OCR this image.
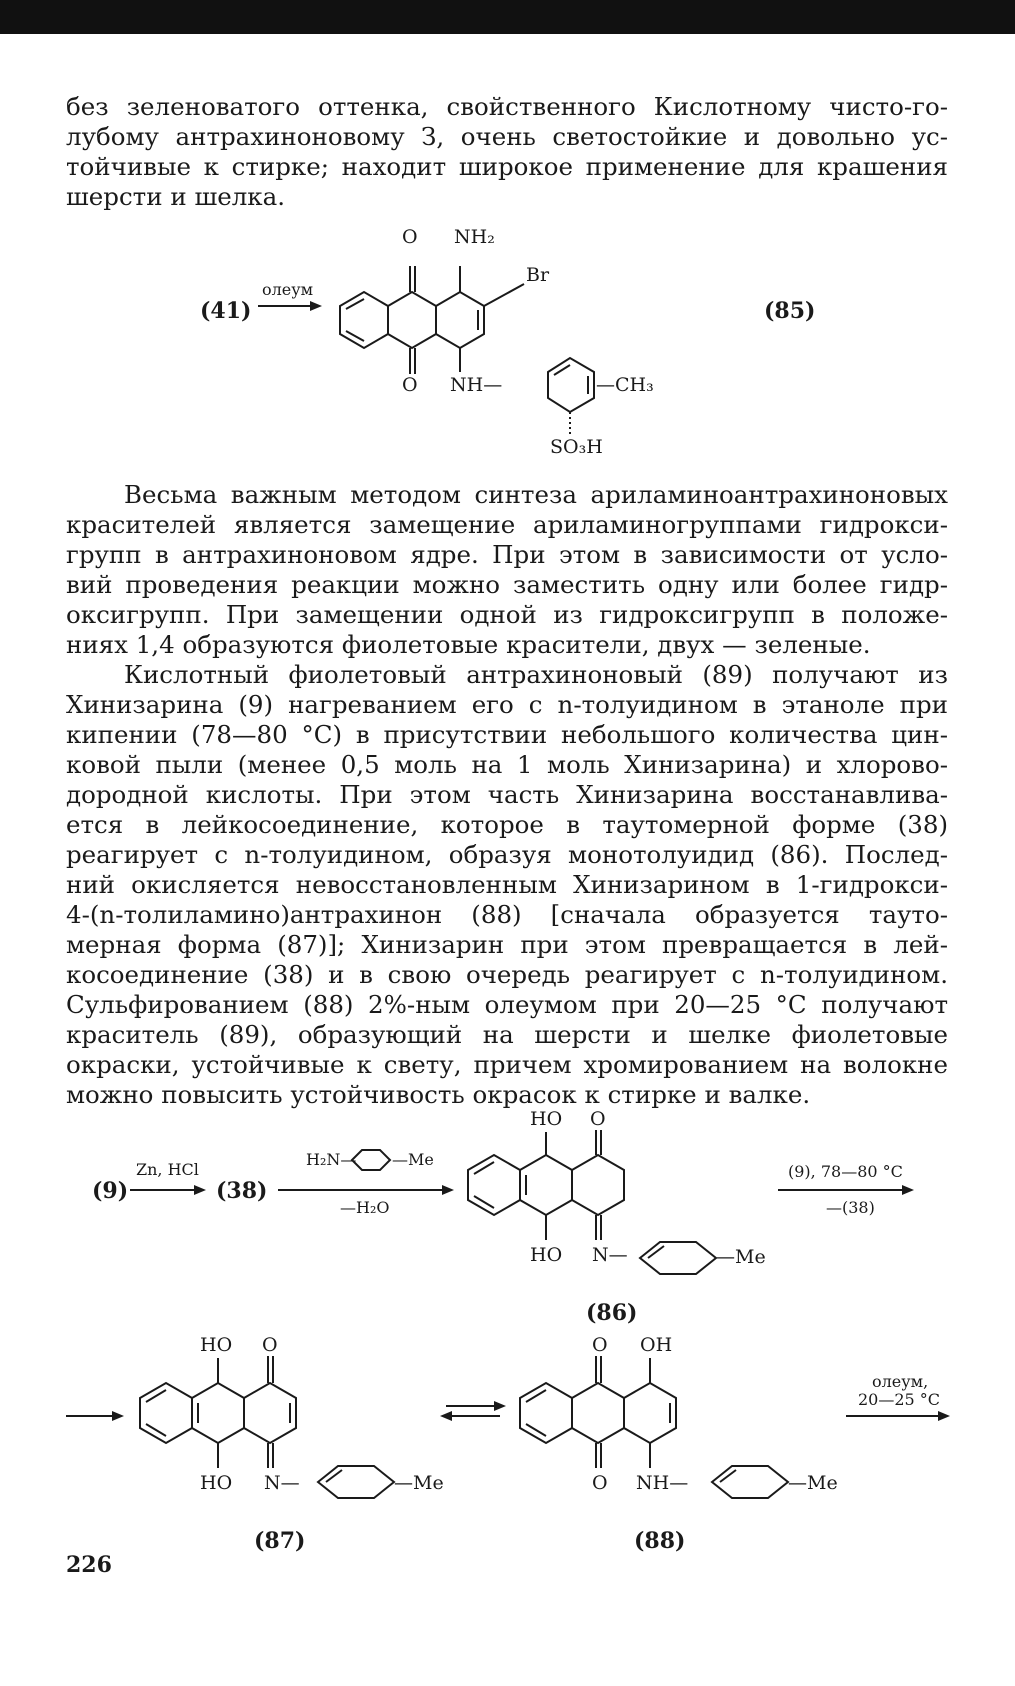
без зеленоватого оттенка, свойственного Кислотному чисто-го-
лубому антрахиноновому З, очень светостойкие и довольно ус-
тойчивые к стирке; находит широкое применение для крашения
шерсти и шелка.
(41)
олеум
O NH₂
Br
O NH—	—CH₃
SO₃H
(85)
Весьма важным методом синтеза ариламиноантрахиноновых
красителей является замещение ариламиногруппами гидрокси-
групп в антрахиноновом ядре. При этом в зависимости от усло-
вий проведения реакции можно заместить одну или более гидр-
оксигрупп. При замещении одной из гидроксигрупп в положе-
ниях 1,4 образуются фиолетовые красители, двух — зеленые.
Кислотный фиолетовый антрахиноновый (89) получают из
Хинизарина (9) нагреванием его с n-толуидином в этаноле при
кипении (78—80 °С) в присутствии небольшого количества цин-
ковой пыли (менее 0,5 моль на 1 моль Хинизарина) и хлорово-
дородной кислоты. При этом часть Хинизарина восстанавлива-
ется в лейкосоединение, которое в таутомерной форме (38)
реагирует с n-толуидином, образуя монотолуидид (86). Послед-
ний окисляется невосстановленным Хинизарином в 1-гидрокси-
4-(n-толиламино)антрахинон (88) [сначала образуется тауто-
мерная форма (87)]; Хинизарин при этом превращается в лей-
косоединение (38) и в свою очередь реагирует с n-толуидином.
Сульфированием (88) 2%-ным олеумом при 20—25 °С получают
краситель (89), образующий на шерсти и шелке фиолетовые
окраски, устойчивые к свету, причем хромированием на волокне
можно повысить устойчивость окрасок к стирке и валке.
(9)
Zn, HCl
(38)
H₂N— —Me
—H₂O
HO O
HO N—	—Me
(86)
(9), 78—80 °C
—(38)
HO O
HO N—	—Me
(87)
O OH
O NH—	—Me
(88)
олеум,
20—25 °C
226
